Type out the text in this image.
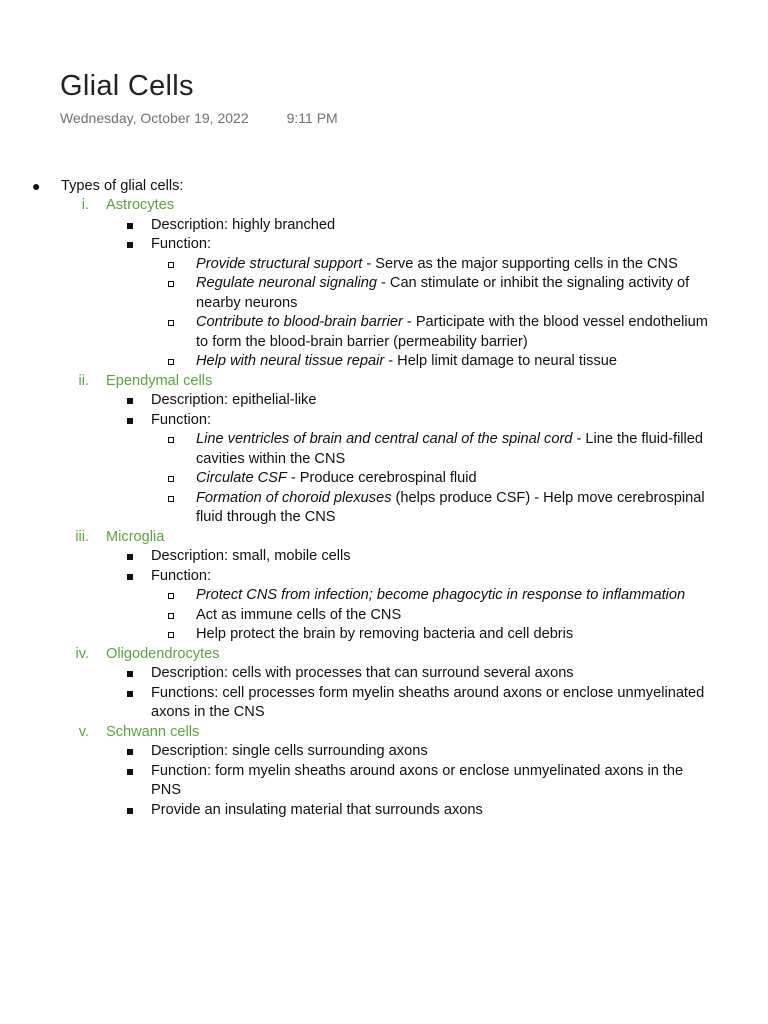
Glial Cells
Wednesday, October 19, 2022	9:11 PM
● Types of glial cells:
i. Astrocytes
Description: highly branched
Function:
Provide structural support - Serve as the major supporting cells in the CNS
Regulate neuronal signaling - Can stimulate or inhibit the signaling activity of nearby neurons
Contribute to blood-brain barrier - Participate with the blood vessel endothelium to form the blood-brain barrier (permeability barrier)
Help with neural tissue repair - Help limit damage to neural tissue
ii. Ependymal cells
Description: epithelial-like
Function:
Line ventricles of brain and central canal of the spinal cord - Line the fluid-filled cavities within the CNS
Circulate CSF - Produce cerebrospinal fluid
Formation of choroid plexuses (helps produce CSF) - Help move cerebrospinal fluid through the CNS
iii. Microglia
Description: small, mobile cells
Function:
Protect CNS from infection; become phagocytic in response to inflammation
Act as immune cells of the CNS
Help protect the brain by removing bacteria and cell debris
iv. Oligodendrocytes
Description: cells with processes that can surround several axons
Functions: cell processes form myelin sheaths around axons or enclose unmyelinated axons in the CNS
v. Schwann cells
Description: single cells surrounding axons
Function: form myelin sheaths around axons or enclose unmyelinated axons in the PNS
Provide an insulating material that surrounds axons
